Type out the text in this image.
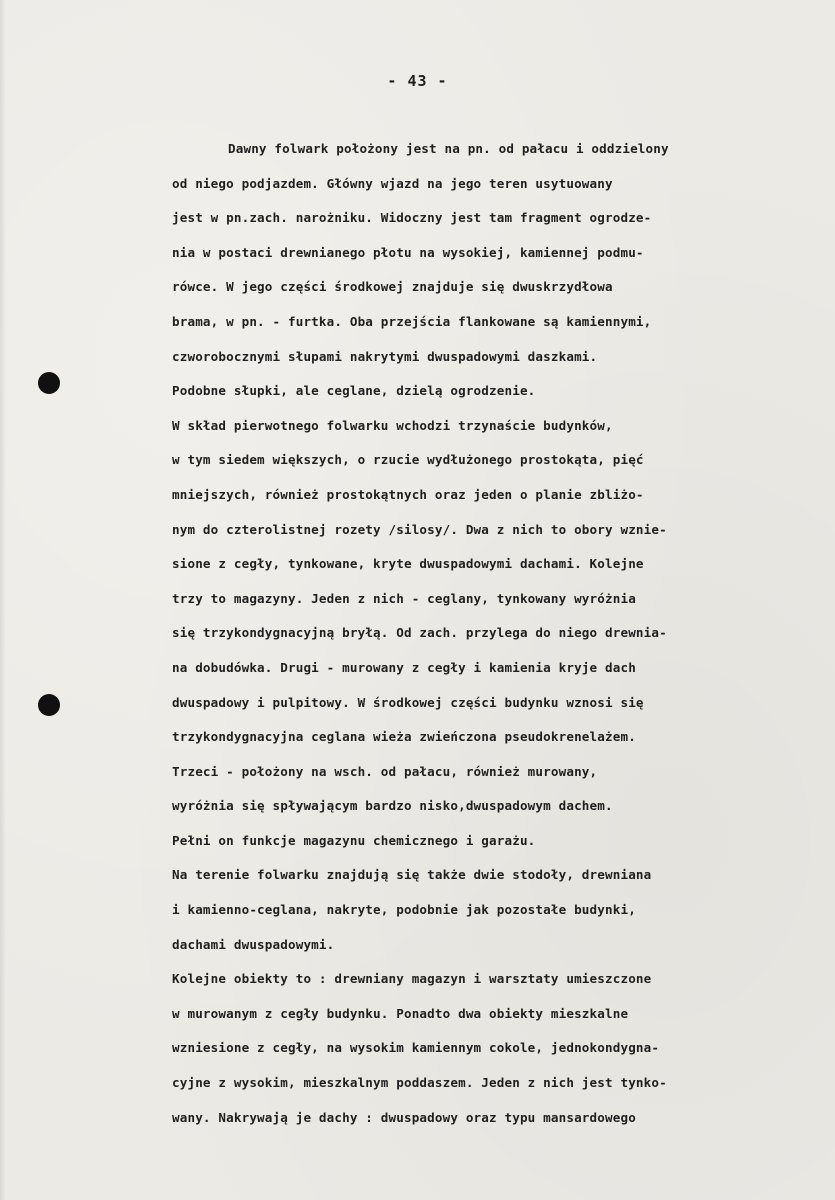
- 43 -
Dawny folwark położony jest na pn. od pałacu i oddzielony
od niego podjazdem. Główny wjazd na jego teren usytuowany
jest w pn.zach. narożniku. Widoczny jest tam fragment ogrodze-
nia w postaci drewnianego płotu na wysokiej, kamiennej podmu-
rówce. W jego części środkowej znajduje się dwuskrzydłowa
brama, w pn. - furtka. Oba przejścia flankowane są kamiennymi,
czworobocznymi słupami nakrytymi dwuspadowymi daszkami.
Podobne słupki, ale ceglane, dzielą ogrodzenie.
W skład pierwotnego folwarku wchodzi trzynaście budynków,
w tym siedem większych, o rzucie wydłużonego prostokąta, pięć
mniejszych, również prostokątnych oraz jeden o planie zbliżo-
nym do czterolistnej rozety /silosy/. Dwa z nich to obory wznie-
sione z cegły, tynkowane, kryte dwuspadowymi dachami. Kolejne
trzy to magazyny. Jeden z nich - ceglany, tynkowany wyróżnia
się trzykondygnacyjną bryłą. Od zach. przylega do niego drewnia-
na dobudówka. Drugi - murowany z cegły i kamienia kryje dach
dwuspadowy i pulpitowy. W środkowej części budynku wznosi się
trzykondygnacyjna ceglana wieża zwieńczona pseudokrenelażem.
Trzeci - położony na wsch. od pałacu, również murowany,
wyróżnia się spływającym bardzo nisko,dwuspadowym dachem.
Pełni on funkcje magazynu chemicznego i garażu.
Na terenie folwarku znajdują się także dwie stodoły, drewniana
i kamienno-ceglana, nakryte, podobnie jak pozostałe budynki,
dachami dwuspadowymi.
Kolejne obiekty to : drewniany magazyn i warsztaty umieszczone
w murowanym z cegły budynku. Ponadto dwa obiekty mieszkalne
wzniesione z cegły, na wysokim kamiennym cokole, jednokondygna-
cyjne z wysokim, mieszkalnym poddaszem. Jeden z nich jest tynko-
wany. Nakrywają je dachy : dwuspadowy oraz typu mansardowego
